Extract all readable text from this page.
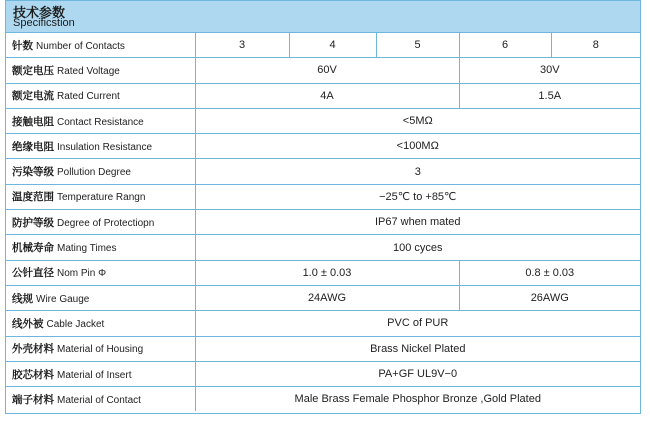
技术参数
Specificstion
针数 Number of Contacts	3	4	5	6	8
额定电压 Rated Voltage	60V			30V	
额定电流 Rated Current	4A			1.5A	
接触电阻 Contact Resistance	<5MΩ				
绝缘电阻 Insulation Resistance	<100MΩ				
污染等级 Pollution Degree	3				
温度范围 Temperature Rangn	−25℃ to +85℃				
防护等级 Degree of Protectiopn	IP67 when mated				
机械寿命 Mating Times	100 cyces				
公针直径 Nom Pin Φ	1.0 ± 0.03			0.8 ± 0.03	
线规 Wire Gauge	24AWG			26AWG	
线外被 Cable Jacket	PVC of PUR				
外壳材料 Material of Housing	Brass Nickel Plated				
胶芯材料 Material of Insert	PA+GF UL9V−0				
端子材料 Material of Contact	Male Brass Female Phosphor Bronze ,Gold Plated				
